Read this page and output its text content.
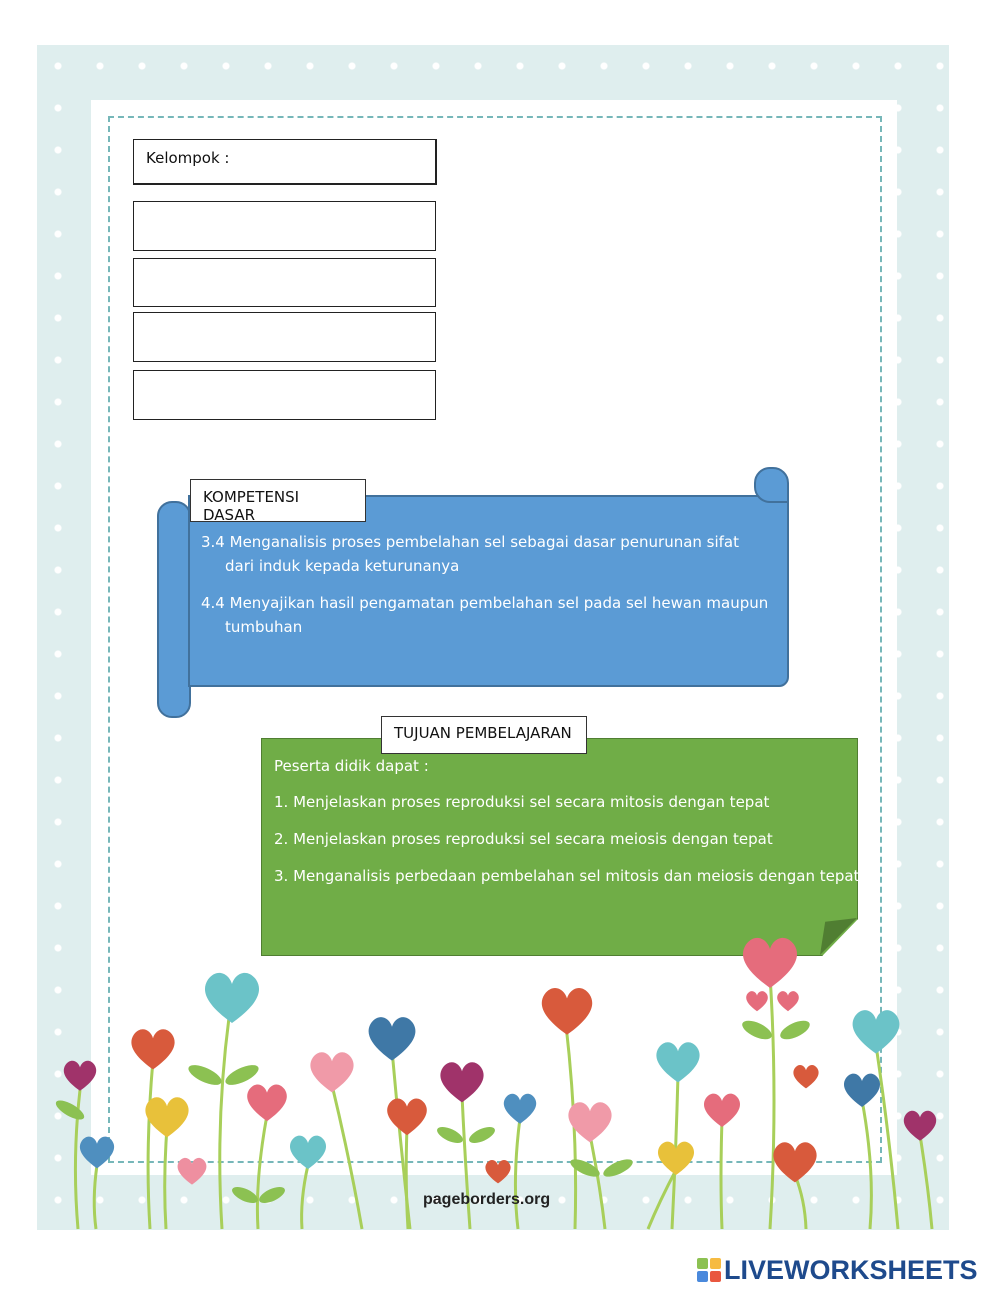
Kelompok :
KOMPETENSI DASAR
3.4 Menganalisis proses pembelahan sel sebagai dasar penurunan sifat dari induk kepada keturunanya
4.4 Menyajikan hasil pengamatan pembelahan sel pada sel hewan maupun tumbuhan
TUJUAN PEMBELAJARAN
Peserta didik dapat :
1. Menjelaskan proses reproduksi sel secara mitosis dengan tepat
2. Menjelaskan proses reproduksi sel secara meiosis dengan tepat
3. Menganalisis perbedaan pembelahan sel mitosis dan meiosis dengan tepat
pageborders.org
LIVEWORKSHEETS
